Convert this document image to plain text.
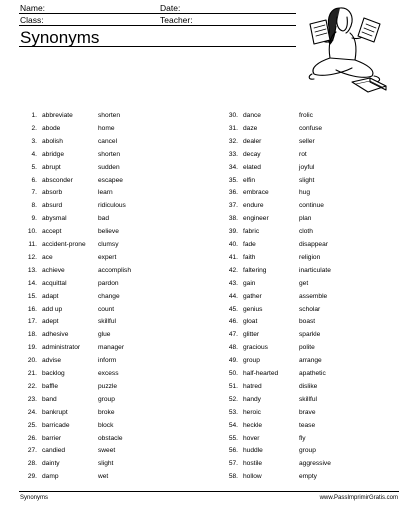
Name:	Date:
Class:	Teacher:
Synonyms
1. abbreviate	shorten
2. abode	home
3. abolish	cancel
4. abridge	shorten
5. abrupt	sudden
6. absconder	escapee
7. absorb	learn
8. absurd	ridiculous
9. abysmal	bad
10. accept	believe
11. accident-prone clumsy
12. ace	expert
13. achieve	accomplish
14. acquittal	pardon
15. adapt	change
16. add up	count
17. adept	skillful
18. adhesive	glue
19. administrator	manager
20. advise	inform
21. backlog	excess
22. baffle	puzzle
23. band	group
24. bankrupt	broke
25. barricade	block
26. barrier	obstacle
27. candied	sweet
28. dainty	slight
29. damp	wet
30. dance	frolic
31. daze	confuse
32. dealer	seller
33. decay	rot
34. elated	joyful
35. elfin	slight
36. embrace	hug
37. endure	continue
38. engineer	plan
39. fabric	cloth
40. fade	disappear
41. faith	religion
42. faltering	inarticulate
43. gain	get
44. gather	assemble
45. genius	scholar
46. gloat	boast
47. glitter	sparkle
48. gracious	polite
49. group	arrange
50. half-hearted	apathetic
51. hatred	dislike
52. handy	skillful
53. heroic	brave
54. heckle	tease
55. hover	fly
56. huddle	group
57. hostile	aggressive
58. hollow	empty
Synonyms	www.PassImprimirGratis.com
